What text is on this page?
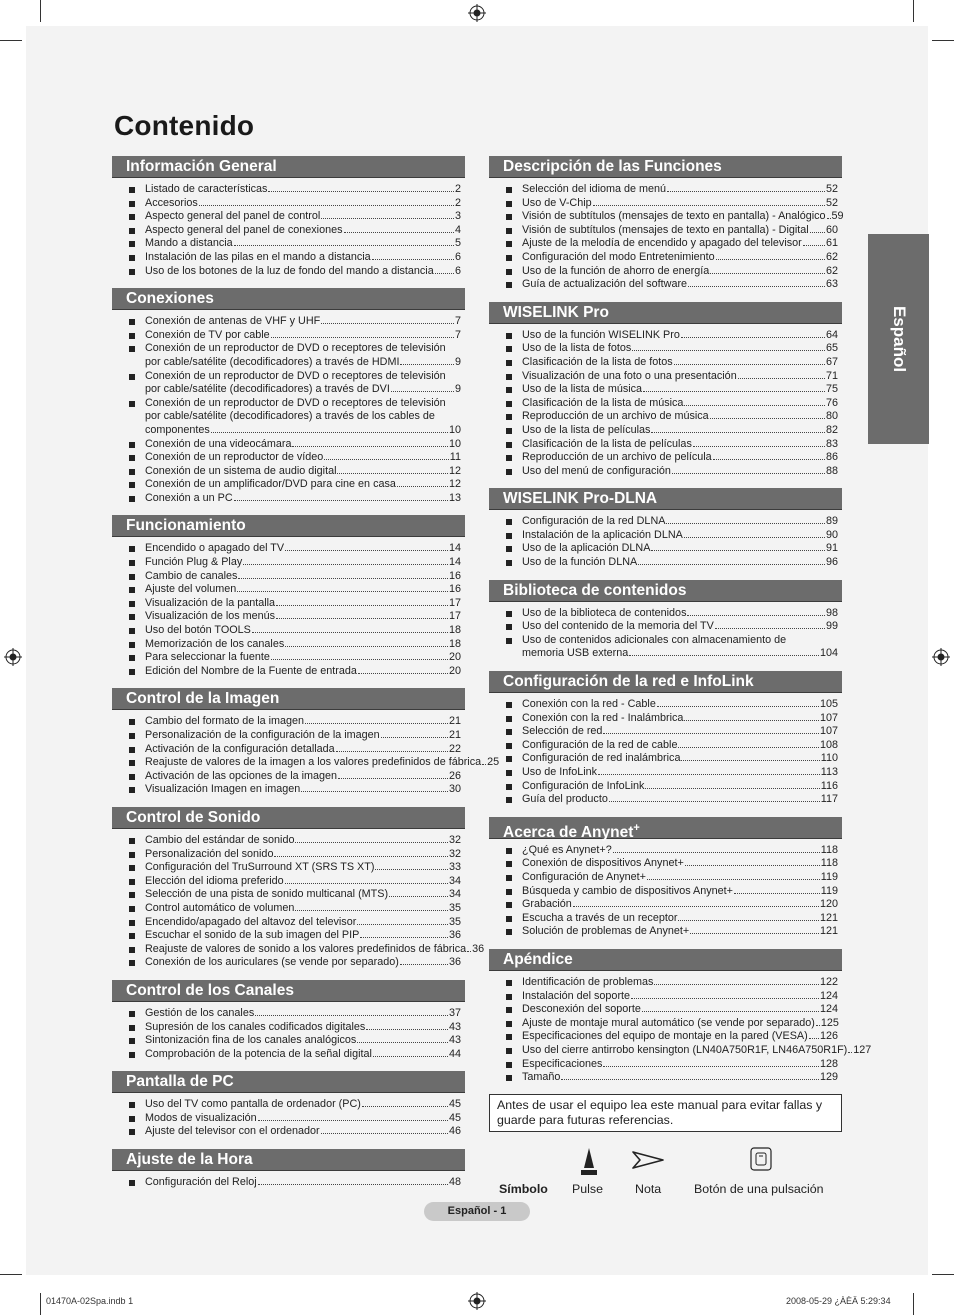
Contenido
Información General
Listado de características	2
Accesorios	2
Aspecto general del panel de control	3
Aspecto general del panel de conexiones	4
Mando a distancia	5
Instalación de las pilas en el mando a distancia	6
Uso de los botones de la luz de fondo del mando a distancia 6
Conexiones
Conexión de antenas de VHF y UHF	7
Conexión de TV por cable	7
Conexión de un reproductor de DVD o receptores de televisión
por cable/satélite (decodificadores) a través de HDMI	9
Conexión de un reproductor de DVD o receptores de televisión
por cable/satélite (decodificadores) a través de DVI	9
Conexión de un reproductor de DVD o receptores de televisión por cable/satélite (decodificadores) a través de los cables de
componentes	10
Conexión de una videocámara	10
Conexión de un reproductor de vídeo	11
Conexión de un sistema de audio digital	12
Conexión de un amplificador/DVD para cine en casa	12
Conexión a un PC	13
Funcionamiento
Encendido o apagado del TV	14
Función Plug & Play	14
Cambio de canales	16
Ajuste del volumen	16
Visualización de la pantalla	17
Visualización de los menús	17
Uso del botón TOOLS	18
Memorización de los canales	18
Para seleccionar la fuente	20
Edición del Nombre de la Fuente de entrada	20
Control de la Imagen
Cambio del formato de la imagen	21
Personalización de la configuración de la imagen	21
Activación de la configuración detallada	22
Reajuste de valores de la imagen a los valores predefinidos de fábrica 25
Activación de las opciones de la imagen	26
Visualización Imagen en imagen	30
Control de Sonido
Cambio del estándar de sonido	32
Personalización del sonido	32
Configuración del TruSurround XT (SRS TS XT)	33
Elección del idioma preferido	34
Selección de una pista de sonido multicanal (MTS)	34
Control automático de volumen	35
Encendido/apagado del altavoz del televisor	35
Escuchar el sonido de la sub imagen del PIP	36
Reajuste de valores de sonido a los valores predefinidos de fábrica 36
Conexión de los auriculares (se vende por separado)	36
Control de los Canales
Gestión de los canales	37
Supresión de los canales codificados digitales	43
Sintonización fina de los canales analógicos	43
Comprobación de la potencia de la señal digital	44
Pantalla de PC
Uso del TV como pantalla de ordenador (PC)	45
Modos de visualización	45
Ajuste del televisor con el ordenador	46
Ajuste de la Hora
Configuración del Reloj	48
Descripción de las Funciones
Selección del idioma de menú	52
Uso de V-Chip	52
Visión de subtítulos (mensajes de texto en pantalla) - Analógico 59
Visión de subtítulos (mensajes de texto en pantalla) - Digital 60
Ajuste de la melodía de encendido y apagado del televisor 61
Configuración del modo Entretenimiento	62
Uso de la función de ahorro de energía	62
Guía de actualización del software	63
WISELINK Pro
Uso de la función WISELINK Pro	64
Uso de la lista de fotos	65
Clasificación de la lista de fotos	67
Visualización de una foto o una presentación	71
Uso de la lista de música	75
Clasificación de la lista de música	76
Reproducción de un archivo de música	80
Uso de la lista de películas	82
Clasificación de la lista de películas	83
Reproducción de un archivo de película	86
Uso del menú de configuración	88
WISELINK Pro-DLNA
Configuración de la red DLNA	89
Instalación de la aplicación DLNA	90
Uso de la aplicación DLNA	91
Uso de la función DLNA	96
Biblioteca de contenidos
Uso de la biblioteca de contenidos	98
Uso del contenido de la memoria del TV	99
Uso de contenidos adicionales con almacenamiento de
memoria USB externa	104
Configuración de la red e InfoLink
Conexión con la red - Cable	105
Conexión con la red - Inalámbrica	107
Selección de red	107
Configuración de la red de cable	108
Configuración de red inalámbrica	110
Uso de InfoLink	113
Configuración de InfoLink	116
Guía del producto	117
Acerca de Anynet+
¿Qué es Anynet+?	118
Conexión de dispositivos Anynet+	118
Configuración de Anynet+	119
Búsqueda y cambio de dispositivos Anynet+	119
Grabación	120
Escucha a través de un receptor	121
Solución de problemas de Anynet+	121
Apéndice
Identificación de problemas	122
Instalación del soporte	124
Desconexión del soporte	124
Ajuste de montaje mural automático (se vende por separado) 125
Especificaciones del equipo de montaje en la pared (VESA) 126
Uso del cierre antirrobo kensington (LN40A750R1F, LN46A750R1F) 127
Especificaciones	128
Tamaño	129
Español
Antes de usar el equipo lea este manual para evitar fallas y guarde para futuras referencias.
Símbolo Pulse	Nota	Botón de una pulsación
Español - 1
01470A-02Spa.indb 1	2008-05-29 ¿ÀÈÄ 5:29:34
